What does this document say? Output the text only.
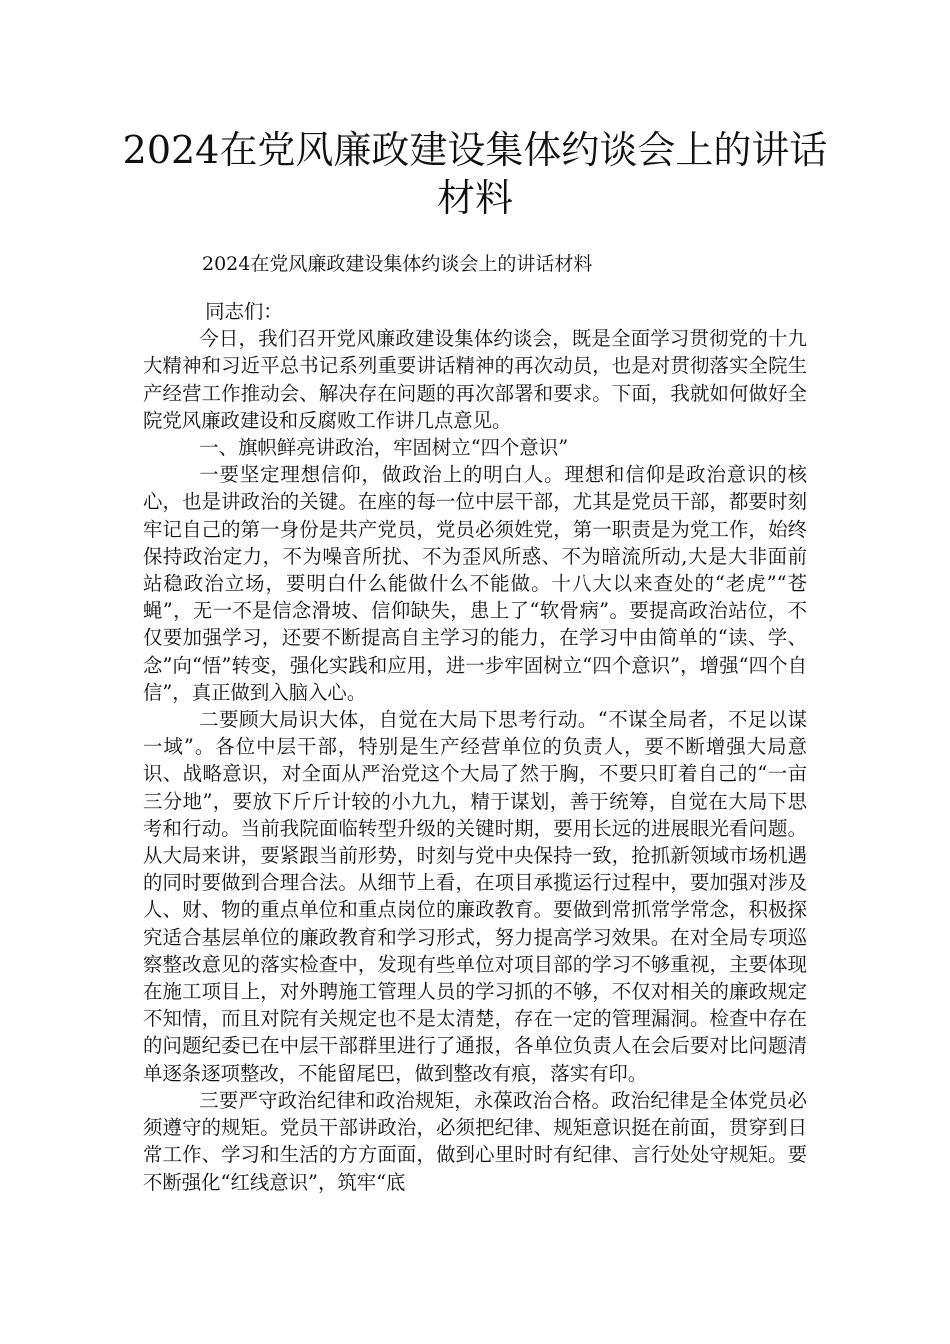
2024在党风廉政建设集体约谈会上的讲话
材料
2024在党风廉政建设集体约谈会上的讲话材料

同志们：

今日，我们召开党风廉政建设集体约谈会，既是全面学习贯彻党的十九大精神和习近平总书记系列重要讲话精神的再次动员，也是对贯彻落实全院生产经营工作推动会、解决存在问题的再次部署和要求。下面，我就如何做好全院党风廉政建设和反腐败工作讲几点意见。

一、旗帜鲜亮讲政治，牢固树立“四个意识”

一要坚定理想信仰，做政治上的明白人。理想和信仰是政治意识的核心，也是讲政治的关键。在座的每一位中层干部，尤其是党员干部，都要时刻牢记自己的第一身份是共产党员，党员必须姓党，第一职责是为党工作，始终保持政治定力，不为噪音所扰、不为歪风所惑、不为暗流所动,大是大非面前站稳政治立场，要明白什么能做什么不能做。十八大以来查处的“老虎”“苍蝇”，无一不是信念滑坡、信仰缺失，患上了“软骨病”。要提高政治站位，不仅要加强学习，还要不断提高自主学习的能力，在学习中由简单的“读、学、念”向“悟”转变，强化实践和应用，进一步牢固树立“四个意识”，增强“四个自信”，真正做到入脑入心。

二要顾大局识大体，自觉在大局下思考行动。“不谋全局者，不足以谋一域”。各位中层干部，特别是生产经营单位的负责人，要不断增强大局意识、战略意识，对全面从严治党这个大局了然于胸，不要只盯着自己的“一亩三分地”，要放下斤斤计较的小九九，精于谋划，善于统筹，自觉在大局下思考和行动。当前我院面临转型升级的关键时期，要用长远的进展眼光看问题。从大局来讲，要紧跟当前形势，时刻与党中央保持一致，抢抓新领域市场机遇的同时要做到合理合法。从细节上看，在项目承揽运行过程中，要加强对涉及人、财、物的重点单位和重点岗位的廉政教育。要做到常抓常学常念，积极探究适合基层单位的廉政教育和学习形式，努力提高学习效果。在对全局专项巡察整改意见的落实检查中，发现有些单位对项目部的学习不够重视，主要体现在施工项目上，对外聘施工管理人员的学习抓的不够，不仅对相关的廉政规定不知情，而且对院有关规定也不是太清楚，存在一定的管理漏洞。检查中存在的问题纪委已在中层干部群里进行了通报，各单位负责人在会后要对比问题清单逐条逐项整改，不能留尾巴，做到整改有痕，落实有印。

三要严守政治纪律和政治规矩，永葆政治合格。政治纪律是全体党员必须遵守的规矩。党员干部讲政治，必须把纪律、规矩意识挺在前面，贯穿到日常工作、学习和生活的方方面面，做到心里时时有纪律、言行处处守规矩。要不断强化“红线意识”，筑牢“底
